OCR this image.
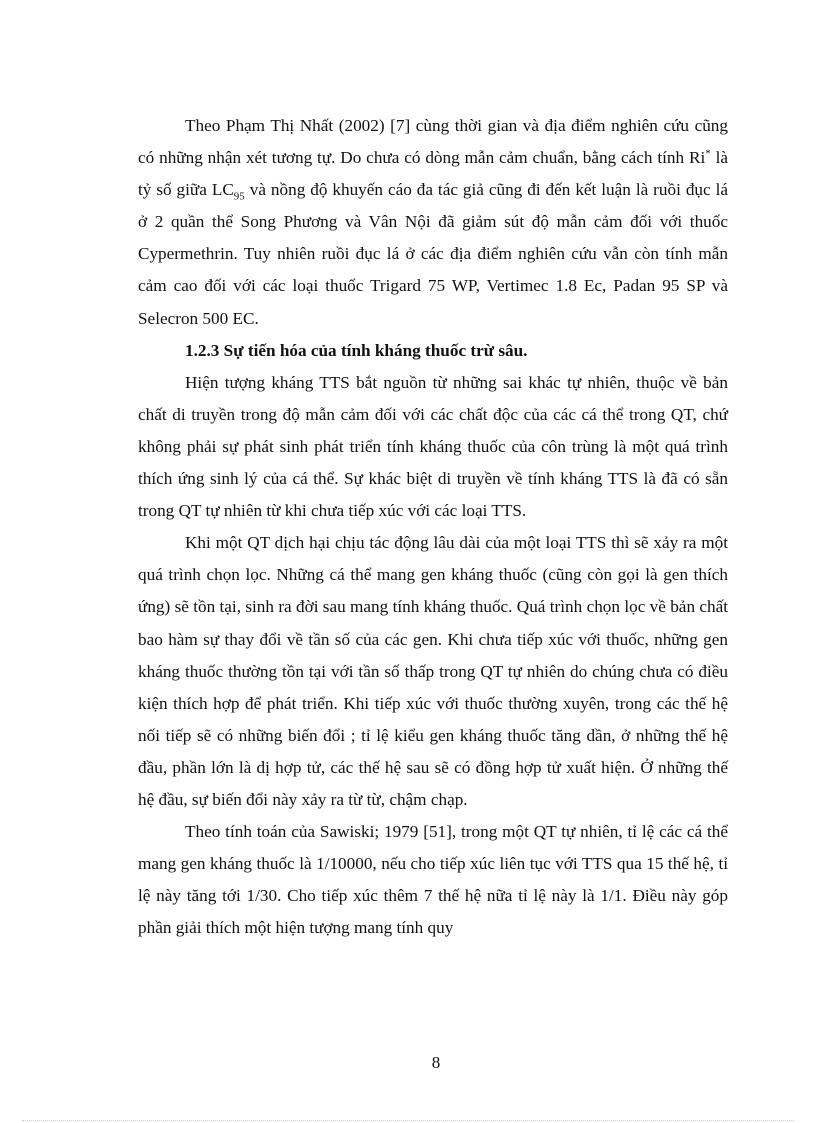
Theo Phạm Thị Nhất (2002) [7] cùng thời gian và địa điểm nghiên cứu cũng có những nhận xét tương tự. Do chưa có dòng mẫn cảm chuẩn, bằng cách tính Ri* là tỷ số giữa $LC_{95}$ và nồng độ khuyến cáo đa tác giả cũng đi đến kết luận là ruồi đục lá ở 2 quần thể Song Phương và Vân Nội đã giảm sút độ mẫn cảm đối với thuốc Cypermethrin. Tuy nhiên ruồi đục lá ở các địa điểm nghiên cứu vẫn còn tính mẫn cảm cao đối với các loại thuốc Trigard 75 WP, Vertimec 1.8 Ec, Padan 95 SP và Selecron 500 EC.

1.2.3 Sự tiến hóa của tính kháng thuốc trừ sâu.

Hiện tượng kháng TTS bắt nguồn từ những sai khác tự nhiên, thuộc về bản chất di truyền trong độ mẫn cảm đối với các chất độc của các cá thể trong QT, chứ không phải sự phát sinh phát triển tính kháng thuốc của côn trùng là một quá trình thích ứng sinh lý của cá thể. Sự khác biệt di truyền về tính kháng TTS là đã có sẵn trong QT tự nhiên từ khi chưa tiếp xúc với các loại TTS.

Khi một QT dịch hại chịu tác động lâu dài của một loại TTS thì sẽ xảy ra một quá trình chọn lọc. Những cá thể mang gen kháng thuốc (cũng còn gọi là gen thích ứng) sẽ tồn tại, sinh ra đời sau mang tính kháng thuốc. Quá trình chọn lọc về bản chất bao hàm sự thay đổi về tần số của các gen. Khi chưa tiếp xúc với thuốc, những gen kháng thuốc thường tồn tại với tần số thấp trong QT tự nhiên do chúng chưa có điều kiện thích hợp để phát triển. Khi tiếp xúc với thuốc thường xuyên, trong các thế hệ nối tiếp sẽ có những biến đổi ; tỉ lệ kiểu gen kháng thuốc tăng dần, ở những thế hệ đầu, phần lớn là dị hợp tử, các thế hệ sau sẽ có đồng hợp tử xuất hiện. Ở những thế hệ đầu, sự biến đổi này xảy ra từ từ, chậm chạp.

Theo tính toán của Sawiski; 1979 [51], trong một QT tự nhiên, tỉ lệ các cá thể mang gen kháng thuốc là 1/10000, nếu cho tiếp xúc liên tục với TTS qua 15 thế hệ, tỉ lệ này tăng tới 1/30. Cho tiếp xúc thêm 7 thế hệ nữa tỉ lệ này là 1/1. Điều này góp phần giải thích một hiện tượng mang tính quy

8
